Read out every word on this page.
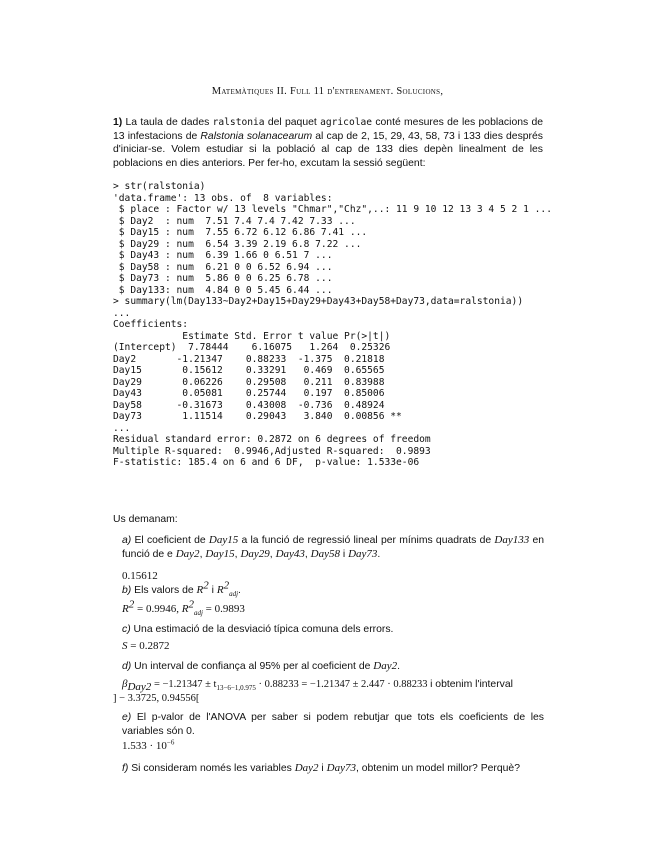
Matemàtiques II. Full 11 d'entrenament. Solucions,
1) La taula de dades ralstonia del paquet agricolae conté mesures de les poblacions de 13 infestacions de Ralstonia solanacearum al cap de 2, 15, 29, 43, 58, 73 i 133 dies després d'iniciar-se. Volem estudiar si la població al cap de 133 dies depèn linealment de les poblacions en dies anteriors. Per fer-ho, excutam la sessió següent:
> str(ralstonia)
'data.frame': 13 obs. of  8 variables:
$ place : Factor w/ 13 levels "Chmar","Chz",..: 11 9 10 12 13 3 4 5 2 1 ...
$ Day2  : num  7.51 7.4 7.4 7.42 7.33 ...
$ Day15 : num  7.55 6.72 6.12 6.86 7.41 ...
$ Day29 : num  6.54 3.39 2.19 6.8 7.22 ...
$ Day43 : num  6.39 1.66 0 6.51 7 ...
$ Day58 : num  6.21 0 0 6.52 6.94 ...
$ Day73 : num  5.86 0 0 6.25 6.78 ...
$ Day133: num  4.84 0 0 5.45 6.44 ...
> summary(lm(Day133~Day2+Day15+Day29+Day43+Day58+Day73,data=ralstonia))
...
Coefficients:
Estimate Std. Error t value Pr(>|t|)
(Intercept)  7.78444    6.16075   1.264  0.25326
Day2       -1.21347    0.88233  -1.375  0.21818
Day15       0.15612    0.33291   0.469  0.65565
Day29       0.06226    0.29508   0.211  0.83988
Day43       0.05081    0.25744   0.197  0.85006
Day58      -0.31673    0.43008  -0.736  0.48924
Day73       1.11514    0.29043   3.840  0.00856 **
...
Residual standard error: 0.2872 on 6 degrees of freedom
Multiple R-squared:  0.9946,Adjusted R-squared:  0.9893
F-statistic: 185.4 on 6 and 6 DF,  p-value: 1.533e-06
Us demanam:
a) El coeficient de Day15 a la funció de regressió lineal per mínims quadrats de Day133 en funció de e Day2, Day15, Day29, Day43, Day58 i Day73.
0.15612
b) Els valors de $R^2$ i $R^2_{adj}$.
$R^2 = 0.9946$, $R^2_{adj} = 0.9893$
c) Una estimació de la desviació típica comuna dels errors.
S = 0.2872
d) Un interval de confiança al 95% per al coeficient de Day2.
$\beta_{Day2} = -1.21347 \pm t_{13-6-1,0.975} \cdot 0.88233 = -1.21347 \pm 2.447 \cdot 0.88233$ i obtenim l'interval
] − 3.3725, 0.94556[
e) El p-valor de l'ANOVA per saber si podem rebutjar que tots els coeficients de les variables són 0.
$1.533 \cdot 10^{-6}$
f) Si consideram només les variables Day2 i Day73, obtenim un model millor? Perquè?
